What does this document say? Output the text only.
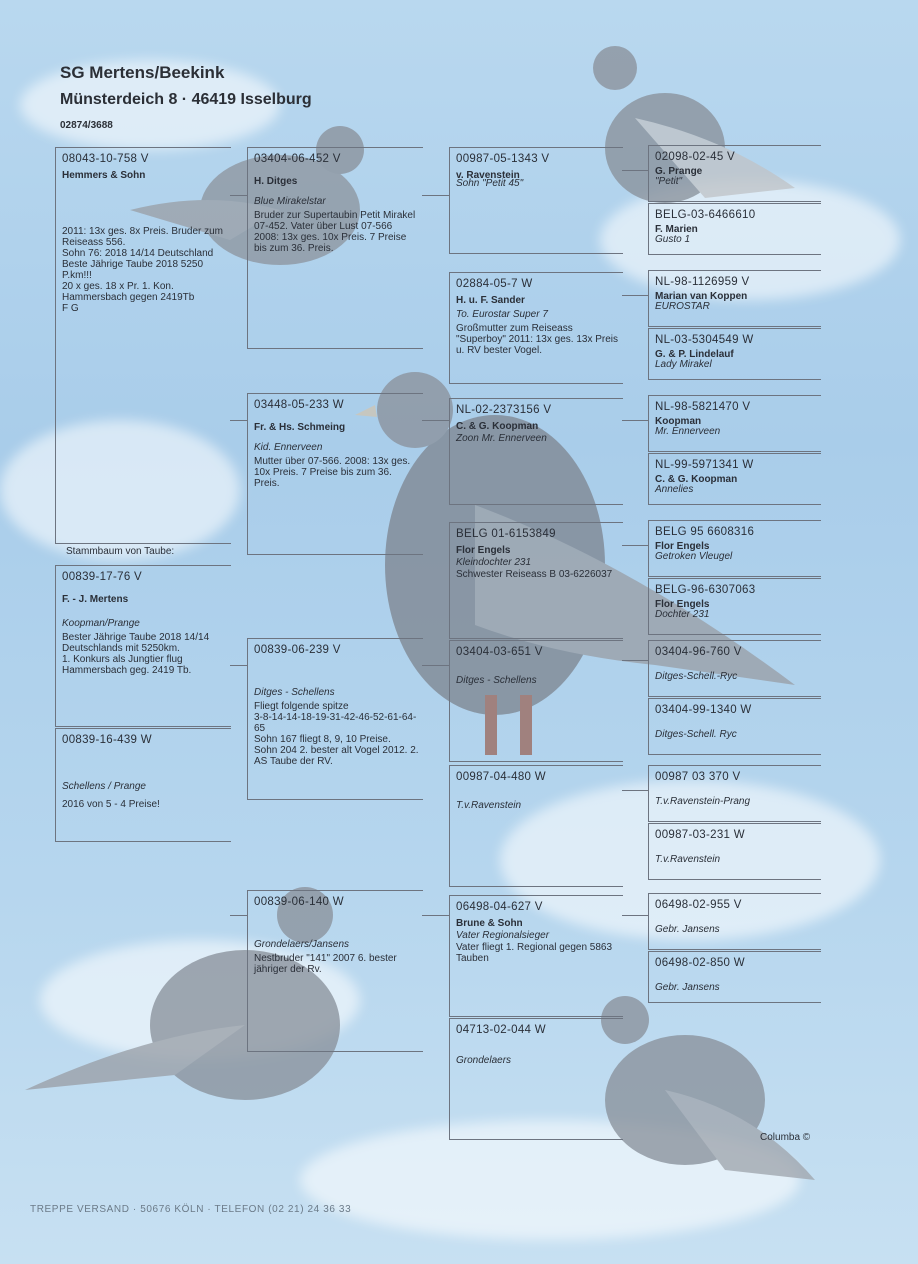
SG Mertens/Beekink
Münsterdeich 8 · 46419 Isselburg
02874/3688
08043-10-758 V
Hemmers & Sohn
2011: 13x ges. 8x Preis. Bruder zum Reiseass 556.
Sohn 76: 2018 14/14 Deutschland Beste Jährige Taube 2018 5250 P.km!!!
20 x ges. 18 x Pr. 1. Kon. Hammersbach gegen 2419Tb
F G
00839-17-76 V
F. - J. Mertens
Koopman/Prange
Bester Jährige Taube 2018 14/14 Deutschlands mit 5250km.
1. Konkurs als Jungtier flug Hammersbach geg. 2419 Tb.
00839-16-439 W
Schellens / Prange
2016 von 5 - 4 Preise!
03404-06-452 V
H. Ditges
Blue Mirakelstar
Bruder zur Supertaubin Petit Mirakel 07-452. Vater über Lust 07-566 2008: 13x ges. 10x Preis. 7 Preise bis zum 36. Preis.
03448-05-233 W
Fr. & Hs. Schmeing
Kid. Ennerveen
Mutter über 07-566. 2008: 13x ges. 10x Preis. 7 Preise bis zum 36. Preis.
00839-06-239 V
Ditges - Schellens
Fliegt folgende spitze
3-8-14-14-18-19-31-42-46-52-61-64-65
Sohn 167 fliegt 8, 9, 10 Preise.
Sohn 204 2. bester alt Vogel 2012. 2. AS Taube der RV.
00839-06-140 W
Grondelaers/Jansens
Nestbruder "141" 2007 6. bester jähriger der Rv.
00987-05-1343 V
v. Ravenstein
Sohn "Petit 45"
02884-05-7 W
H. u. F. Sander
To. Eurostar Super 7
Großmutter zum Reiseass "Superboy" 2011: 13x ges. 13x Preis u. RV bester Vogel.
NL-02-2373156 V
C. & G. Koopman
Zoon Mr. Ennerveen
BELG 01-6153849
Flor Engels
Kleindochter 231
Schwester Reiseass B 03-6226037
03404-03-651 V
Ditges - Schellens
00987-04-480 W
T.v.Ravenstein
06498-04-627 V
Brune & Sohn
Vater Regionalsieger
Vater fliegt 1. Regional gegen 5863 Tauben
04713-02-044 W
Grondelaers
02098-02-45 V
G. Prange
"Petit"
BELG-03-6466610
F. Marien
Gusto 1
NL-98-1126959 V
Marian van Koppen
EUROSTAR
NL-03-5304549 W
G. & P. Lindelauf
Lady Mirakel
NL-98-5821470 V
Koopman
Mr. Ennerveen
NL-99-5971341 W
C. & G. Koopman
Annelies
BELG 95 6608316
Flor Engels
Getroken Vleugel
BELG-96-6307063
Flor Engels
Dochter 231
03404-96-760 V
Ditges-Schell.-Ryc
03404-99-1340 W
Ditges-Schell. Ryc
00987 03 370 V
T.v.Ravenstein-Prang
00987-03-231 W
T.v.Ravenstein
06498-02-955 V
Gebr. Jansens
06498-02-850 W
Gebr. Jansens
Stammbaum von Taube:
Columba ©
TREPPE VERSAND · 50676 KÖLN · TELEFON (02 21) 24 36 33
